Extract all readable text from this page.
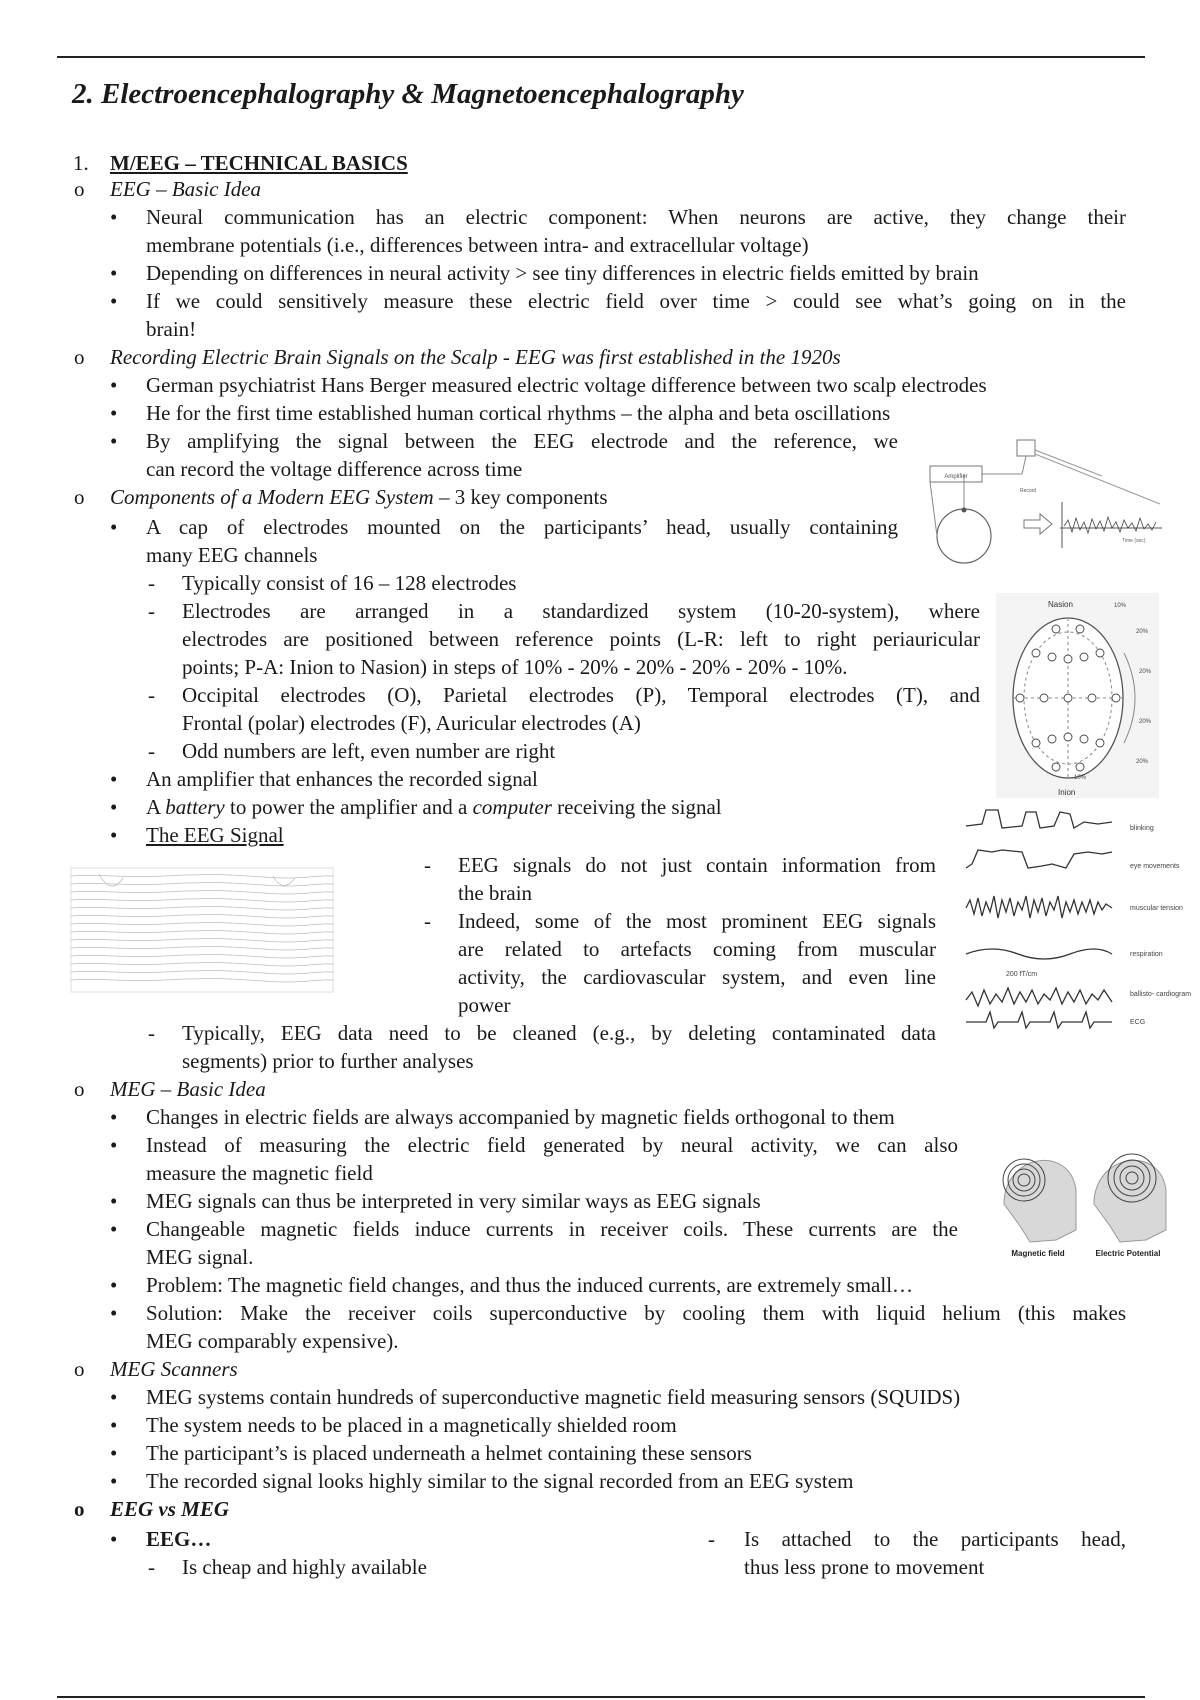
2. Electroencephalography & Magnetoencephalography
1. M/EEG – TECHNICAL BASICS
o EEG – Basic Idea
• Neural communication has an electric component: When neurons are active, they change their
membrane potentials (i.e., differences between intra- and extracellular voltage)
• Depending on differences in neural activity > see tiny differences in electric fields emitted by brain
• If we could sensitively measure these electric field over time > could see what’s going on in the
brain!
o Recording Electric Brain Signals on the Scalp - EEG was first established in the 1920s
• German psychiatrist Hans Berger measured electric voltage difference between two scalp electrodes
• He for the first time established human cortical rhythms – the alpha and beta oscillations
• By amplifying the signal between the EEG electrode and the reference, we
can record the voltage difference across time
o Components of a Modern EEG System – 3 key components
• A cap of electrodes mounted on the participants’ head, usually containing
many EEG channels
- Typically consist of 16 – 128 electrodes
- Electrodes are arranged in a standardized system (10-20-system), where
electrodes are positioned between reference points (L-R: left to right periauricular
points; P-A: Inion to Nasion) in steps of 10% - 20% - 20% - 20% - 20% - 10%.
- Occipital electrodes (O), Parietal electrodes (P), Temporal electrodes (T), and
Frontal (polar) electrodes (F), Auricular electrodes (A)
- Odd numbers are left, even number are right
• An amplifier that enhances the recorded signal
• A battery to power the amplifier and a computer receiving the signal
• The EEG Signal
- EEG signals do not just contain information from
the brain
- Indeed, some of the most prominent EEG signals
are related to artefacts coming from muscular
activity, the cardiovascular system, and even line
power
- Typically, EEG data need to be cleaned (e.g., by deleting contaminated data
segments) prior to further analyses
o MEG – Basic Idea
• Changes in electric fields are always accompanied by magnetic fields orthogonal to them
• Instead of measuring the electric field generated by neural activity, we can also
measure the magnetic field
• MEG signals can thus be interpreted in very similar ways as EEG signals
• Changeable magnetic fields induce currents in receiver coils. These currents are the
MEG signal.
• Problem: The magnetic field changes, and thus the induced currents, are extremely small…
• Solution: Make the receiver coils superconductive by cooling them with liquid helium (this makes
MEG comparably expensive).
o MEG Scanners
• MEG systems contain hundreds of superconductive magnetic field measuring sensors (SQUIDS)
• The system needs to be placed in a magnetically shielded room
• The participant’s is placed underneath a helmet containing these sensors
• The recorded signal looks highly similar to the signal recorded from an EEG system
o EEG vs MEG
• EEG…
- Is cheap and highly available
- Is attached to the participants head,
thus less prone to movement
Amplifier
Record
Time (sec)
Nasion
Inion
10%
20%
20%
20%
20%
10%
200 fT/cm
blinking
eye movements
muscular tension
respiration
ballisto- cardiogram
ECG
Magnetic field	Electric Potential
